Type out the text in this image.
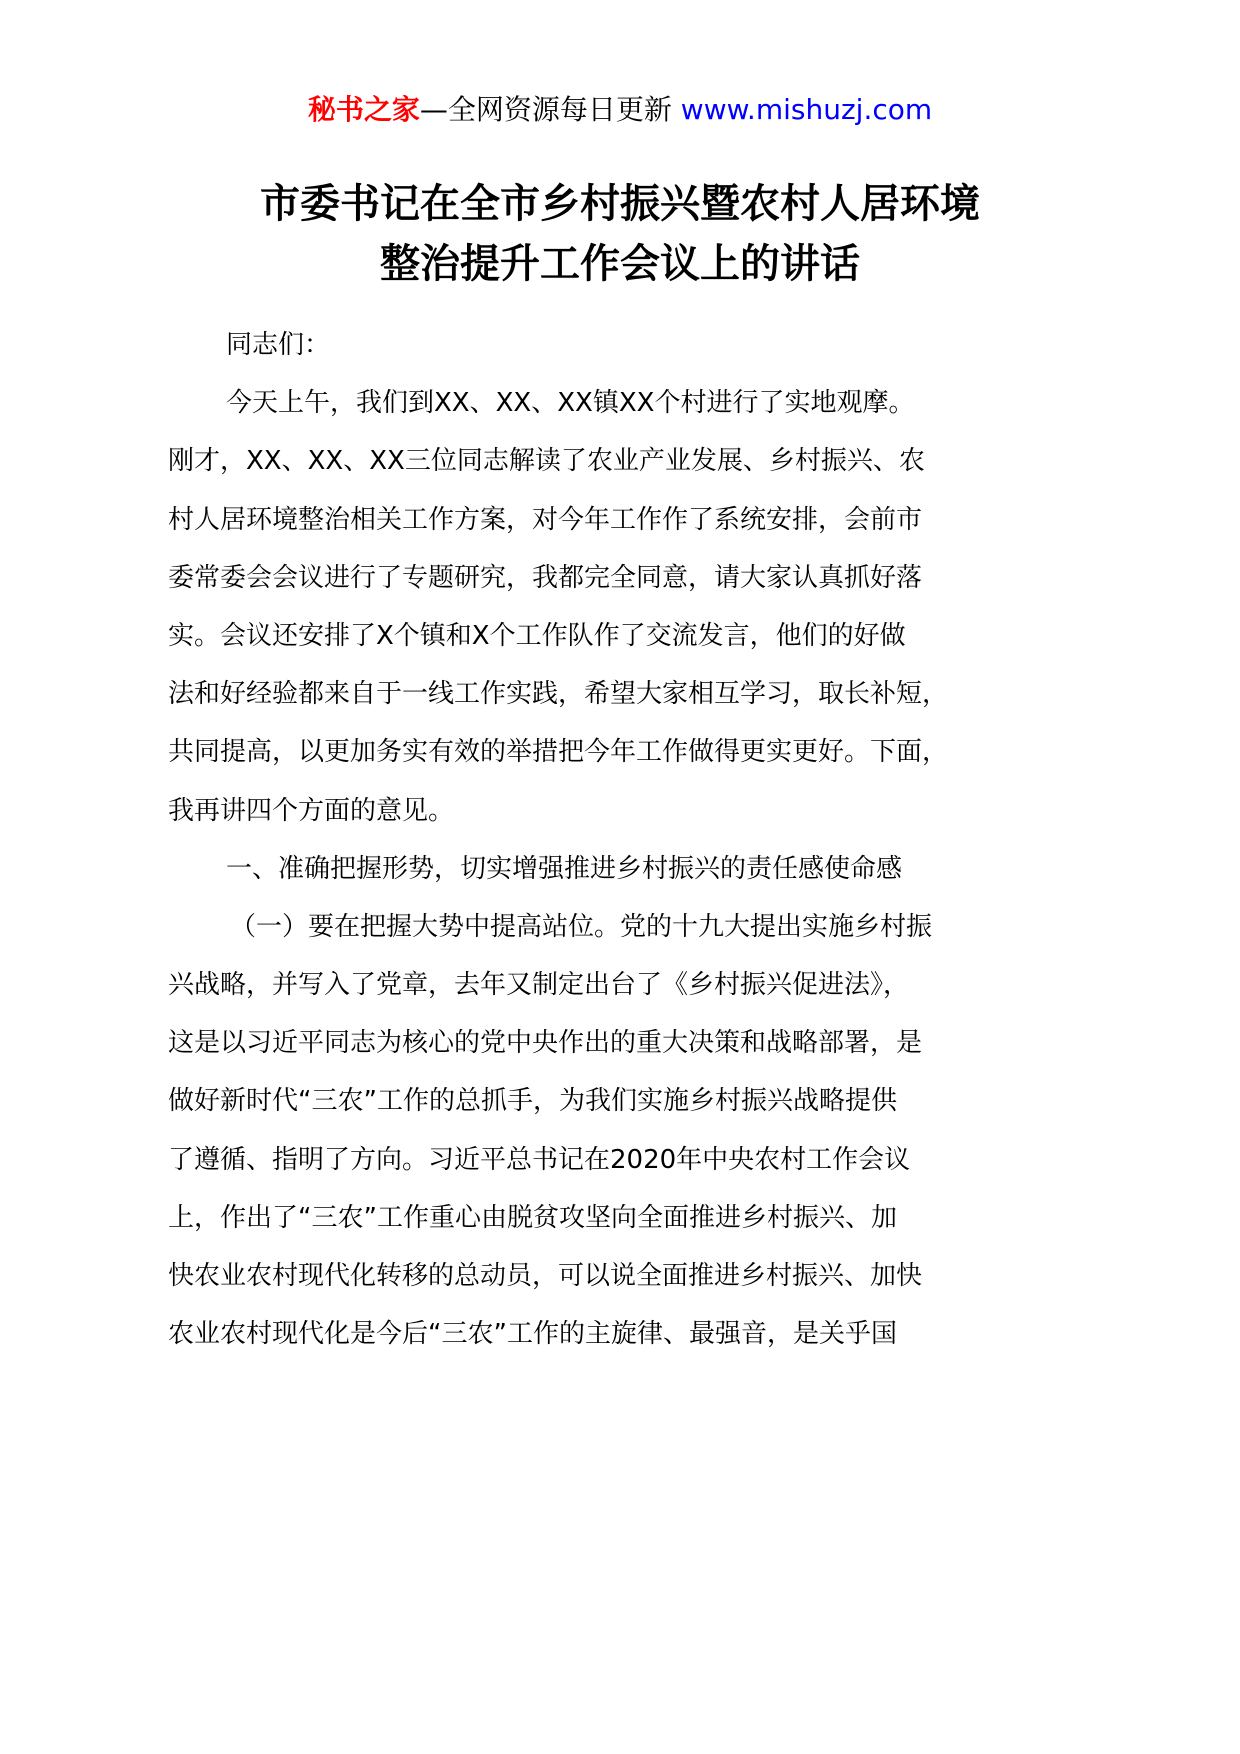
秘书之家—全网资源每日更新 www.mishuzj.com
市委书记在全市乡村振兴暨农村人居环境
整治提升工作会议上的讲话
同志们：
今天上午，我们到XX、XX、XX镇XX个村进行了实地观摩。
刚才，XX、XX、XX三位同志解读了农业产业发展、乡村振兴、农
村人居环境整治相关工作方案，对今年工作作了系统安排，会前市
委常委会会议进行了专题研究，我都完全同意，请大家认真抓好落
实。会议还安排了X个镇和X个工作队作了交流发言，他们的好做
法和好经验都来自于一线工作实践，希望大家相互学习，取长补短，
共同提高，以更加务实有效的举措把今年工作做得更实更好。下面，
我再讲四个方面的意见。
一、准确把握形势，切实增强推进乡村振兴的责任感使命感
（一）要在把握大势中提高站位。党的十九大提出实施乡村振
兴战略，并写入了党章，去年又制定出台了《乡村振兴促进法》，
这是以习近平同志为核心的党中央作出的重大决策和战略部署，是
做好新时代“三农”工作的总抓手，为我们实施乡村振兴战略提供
了遵循、指明了方向。习近平总书记在2020年中央农村工作会议
上，作出了“三农”工作重心由脱贫攻坚向全面推进乡村振兴、加
快农业农村现代化转移的总动员，可以说全面推进乡村振兴、加快
农业农村现代化是今后“三农”工作的主旋律、最强音，是关乎国
